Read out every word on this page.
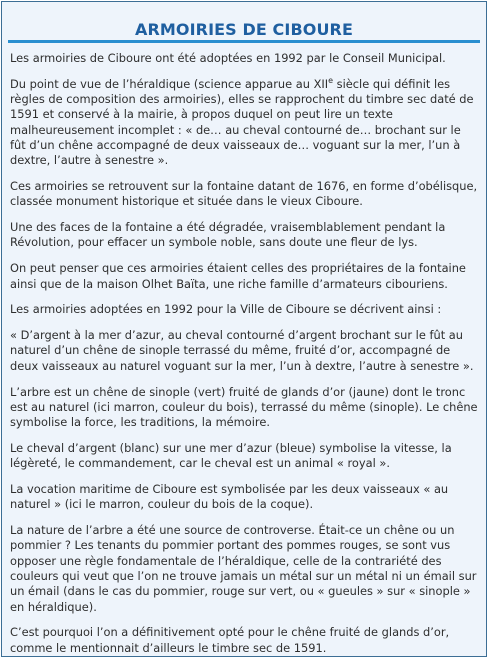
ARMOIRIES DE CIBOURE

Les armoiries de Ciboure ont été adoptées en 1992 par le Conseil Municipal.

Du point de vue de l’héraldique (science apparue au XIIe siècle qui définit les règles de composition des armoiries), elles se rapprochent du timbre sec daté de 1591 et conservé à la mairie, à propos duquel on peut lire un texte malheureusement incomplet : « de… au cheval contourné de… brochant sur le fût d’un chêne accompagné de deux vaisseaux de… voguant sur la mer, l’un à dextre, l’autre à senestre ».

Ces armoiries se retrouvent sur la fontaine datant de 1676, en forme d’obélisque, classée monument historique et située dans le vieux Ciboure.

Une des faces de la fontaine a été dégradée, vraisemblablement pendant la Révolution, pour effacer un symbole noble, sans doute une fleur de lys.

On peut penser que ces armoiries étaient celles des propriétaires de la fontaine ainsi que de la maison Olhet Baïta, une riche famille d’armateurs cibouriens.

Les armoiries adoptées en 1992 pour la Ville de Ciboure se décrivent ainsi :

« D’argent à la mer d’azur, au cheval contourné d’argent brochant sur le fût au naturel d’un chêne de sinople terrassé du même, fruité d’or, accompagné de deux vaisseaux au naturel voguant sur la mer, l’un à dextre, l’autre à senestre ».

L’arbre est un chêne de sinople (vert) fruité de glands d’or (jaune) dont le tronc est au naturel (ici marron, couleur du bois), terrassé du même (sinople). Le chêne symbolise la force, les traditions, la mémoire.

Le cheval d’argent (blanc) sur une mer d’azur (bleue) symbolise la vitesse, la légèreté, le commandement, car le cheval est un animal « royal ».

La vocation maritime de Ciboure est symbolisée par les deux vaisseaux « au naturel » (ici le marron, couleur du bois de la coque).

La nature de l’arbre a été une source de controverse. Était-ce un chêne ou un pommier ? Les tenants du pommier portant des pommes rouges, se sont vus opposer une règle fondamentale de l’héraldique, celle de la contrariété des couleurs qui veut que l’on ne trouve jamais un métal sur un métal ni un émail sur un émail (dans le cas du pommier, rouge sur vert, ou « gueules » sur « sinople » en héraldique).

C’est pourquoi l’on a définitivement opté pour le chêne fruité de glands d’or, comme le mentionnait d’ailleurs le timbre sec de 1591.
